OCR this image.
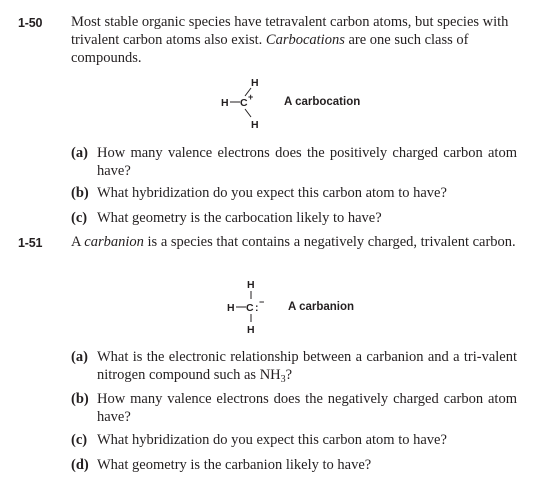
1-50 Most stable organic species have tetravalent carbon atoms, but species with trivalent carbon atoms also exist. Carbocations are one such class of compounds.
H
H C +
H
A carbocation
(a) How many valence electrons does the positively charged carbon atom have?
(b) What hybridization do you expect this carbon atom to have?
(c) What geometry is the carbocation likely to have?
1-51 A carbanion is a species that contains a negatively charged, trivalent carbon.
H
H C : −
H
A carbanion
(a) What is the electronic relationship between a carbanion and a tri-valent nitrogen compound such as $NH_3$?
(b) How many valence electrons does the negatively charged carbon atom have?
(c) What hybridization do you expect this carbon atom to have?
(d) What geometry is the carbanion likely to have?
